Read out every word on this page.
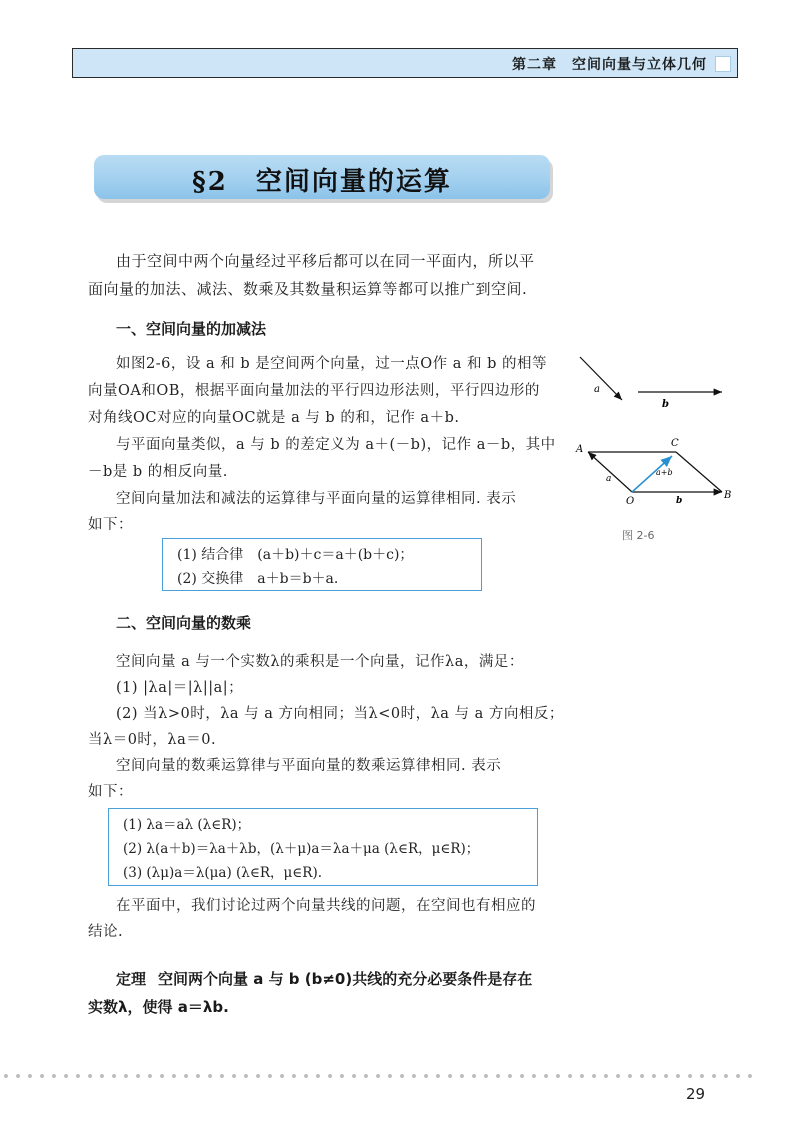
第二章　空间向量与立体几何
§2　空间向量的运算
由于空间中两个向量经过平移后都可以在同一平面内，所以平
面向量的加法、减法、数乘及其数量积运算等都可以推广到空间.
一、空间向量的加减法
如图2-6，设 a 和 b 是空间两个向量，过一点O作 a 和 b 的相等
向量OA和OB，根据平面向量加法的平行四边形法则，平行四边形的
对角线OC对应的向量OC就是 a 与 b 的和，记作 a＋b.
与平面向量类似，a 与 b 的差定义为 a＋(－b)，记作 a－b，其中
－b是 b 的相反向量.
空间向量加法和减法的运算律与平面向量的运算律相同. 表示
如下：
(1) 结合律　(a＋b)＋c＝a＋(b＋c)；
(2) 交换律　a＋b＝b＋a.
a
b
A
C
O
B
a
b
a+b
图 2-6
二、空间向量的数乘
空间向量 a 与一个实数λ的乘积是一个向量，记作λa，满足：
(1) |λa|＝|λ||a|；
(2) 当λ>0时，λa 与 a 方向相同；当λ<0时，λa 与 a 方向相反；
当λ＝0时，λa＝0.
空间向量的数乘运算律与平面向量的数乘运算律相同. 表示
如下：
(1) λa＝aλ (λ∈R)；
(2) λ(a＋b)＝λa＋λb，(λ＋μ)a＝λa＋μa (λ∈R，μ∈R)；
(3) (λμ)a＝λ(μa) (λ∈R，μ∈R).
在平面中，我们讨论过两个向量共线的问题，在空间也有相应的
结论.
定理 空间两个向量 a 与 b (b≠0)共线的充分必要条件是存在
实数λ，使得 a＝λb.
29
